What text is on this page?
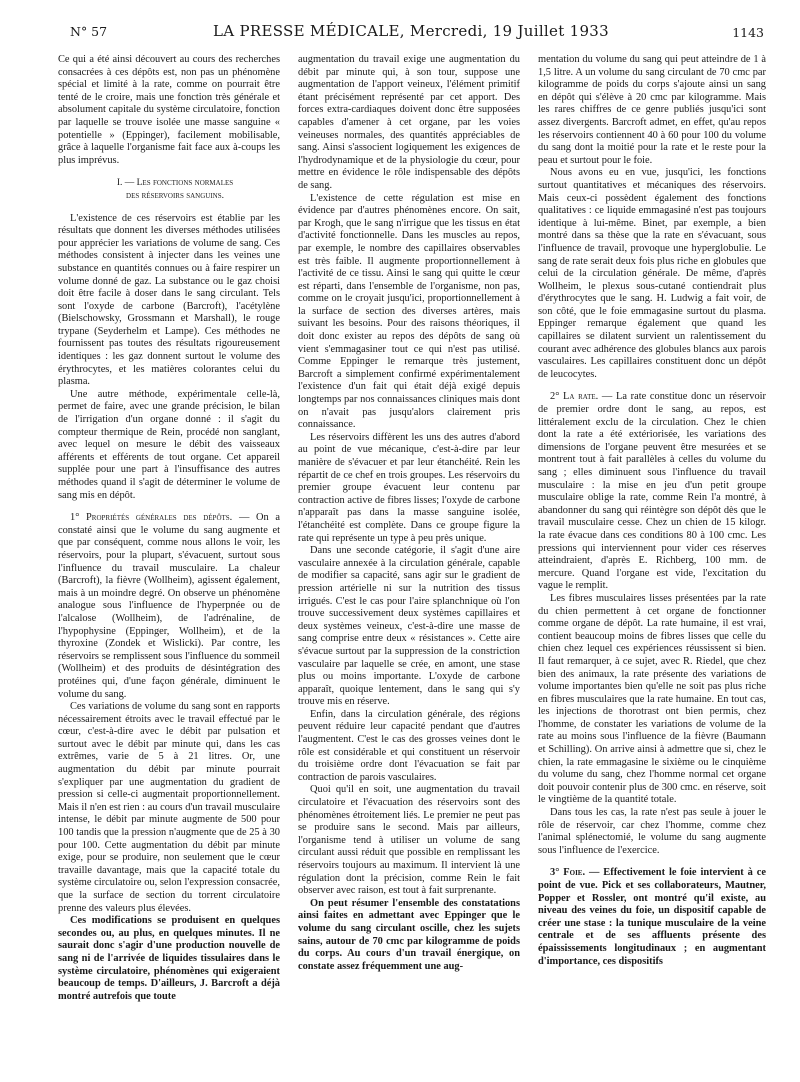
N° 57	LA PRESSE MÉDICALE, Mercredi, 19 Juillet 1933	1143

Ce qui a été ainsi découvert au cours des recherches consacrées à ces dépôts est, non pas un phénomène spécial et limité à la rate, comme on pourrait être tenté de le croire, mais une fonction très générale et absolument capitale du système circulatoire, fonction par laquelle se trouve isolée une masse sanguine « potentielle » (Eppinger), facilement mobilisable, grâce à laquelle l'organisme fait face aux à-coups les plus imprévus.

I. — Les fonctions normales

des réservoirs sanguins.

L'existence de ces réservoirs est établie par les résultats que donnent les diverses méthodes utilisées pour apprécier les variations de volume de sang. Ces méthodes consistent à injecter dans les veines une substance en quantités connues ou à faire respirer un volume donné de gaz. La substance ou le gaz choisi doit être facile à doser dans le sang circulant. Tels sont l'oxyde de carbone (Barcroft), l'acétylène (Bielschowsky, Grossmann et Marshall), le rouge trypane (Seyderhelm et Lampe). Ces méthodes ne fournissent pas toutes des résultats rigoureusement identiques : les gaz donnent surtout le volume des érythrocytes, et les matières colorantes celui du plasma.

Une autre méthode, expérimentale celle-là, permet de faire, avec une grande précision, le bilan de l'irrigation d'un organe donné : il s'agit du compteur thermique de Rein, procédé non sanglant, avec lequel on mesure le débit des vaisseaux afférents et efférents de tout organe. Cet appareil supplée pour une part à l'insuffisance des autres méthodes quand il s'agit de déterminer le volume de sang mis en dépôt.

1° Propriétés générales des dépôts. — On a constaté ainsi que le volume du sang augmente et que par conséquent, comme nous allons le voir, les réservoirs, pour la plupart, s'évacuent, surtout sous l'influence du travail musculaire. La chaleur (Barcroft), la fièvre (Wollheim), agissent également, mais à un moindre degré. On observe un phénomène analogue sous l'influence de l'hyperpnée ou de l'alcalose (Wollheim), de l'adrénaline, de l'hypophysine (Eppinger, Wollheim), et de la thyroxine (Zondek et Wislicki). Par contre, les réservoirs se remplissent sous l'influence du sommeil (Wollheim) et des produits de désintégration des protéines qui, d'une façon générale, diminuent le volume du sang.

Ces variations de volume du sang sont en rapports nécessairement étroits avec le travail effectué par le cœur, c'est-à-dire avec le débit par pulsation et surtout avec le débit par minute qui, dans les cas extrêmes, varie de 5 à 21 litres. Or, une augmentation du débit par minute pourrait s'expliquer par une augmentation du gradient de pression si celle-ci augmentait proportionnellement. Mais il n'en est rien : au cours d'un travail musculaire intense, le débit par minute augmente de 500 pour 100 tandis que la pression n'augmente que de 25 à 30 pour 100. Cette augmentation du débit par minute exige, pour se produire, non seulement que le cœur travaille davantage, mais que la capacité totale du système circulatoire ou, selon l'expression consacrée, que la surface de section du torrent circulatoire prenne des valeurs plus élevées.

Ces modifications se produisent en quelques secondes ou, au plus, en quelques minutes. Il ne saurait donc s'agir d'une production nouvelle de sang ni de l'arrivée de liquides tissulaires dans le système circulatoire, phénomènes qui exigeraient beaucoup de temps. D'ailleurs, J. Barcroft a déjà montré autrefois que toute

augmentation du travail exige une augmentation du débit par minute qui, à son tour, suppose une augmentation de l'apport veineux, l'élément primitif étant précisément représenté par cet apport. Des forces extra-cardiaques doivent donc être supposées capables d'amener à cet organe, par les voies veineuses normales, des quantités appréciables de sang. Ainsi s'associent logiquement les exigences de l'hydrodynamique et de la physiologie du cœur, pour mettre en évidence le rôle indispensable des dépôts de sang.

L'existence de cette régulation est mise en évidence par d'autres phénomènes encore. On sait, par Krogh, que le sang n'irrigue que les tissus en état d'activité fonctionnelle. Dans les muscles au repos, par exemple, le nombre des capillaires observables est très faible. Il augmente proportionnellement à l'activité de ce tissu. Ainsi le sang qui quitte le cœur est réparti, dans l'ensemble de l'organisme, non pas, comme on le croyait jusqu'ici, proportionnellement à la surface de section des diverses artères, mais suivant les besoins. Pour des raisons théoriques, il doit donc exister au repos des dépôts de sang où vient s'emmagasiner tout ce qui n'est pas utilisé. Comme Eppinger le remarque très justement, Barcroft a simplement confirmé expérimentalement l'existence d'un fait qui était déjà exigé depuis longtemps par nos connaissances cliniques mais dont on n'avait pas jusqu'alors clairement pris connaissance.

Les réservoirs diffèrent les uns des autres d'abord au point de vue mécanique, c'est-à-dire par leur manière de s'évacuer et par leur étanchéité. Rein les répartit de ce chef en trois groupes. Les réservoirs du premier groupe évacuent leur contenu par contraction active de fibres lisses; l'oxyde de carbone n'apparaît pas dans la masse sanguine isolée, l'étanchéité est complète. Dans ce groupe figure la rate qui représente un type à peu près unique.

Dans une seconde catégorie, il s'agit d'une aire vasculaire annexée à la circulation générale, capable de modifier sa capacité, sans agir sur le gradient de pression artérielle ni sur la nutrition des tissus irrigués. C'est le cas pour l'aire splanchnique où l'on trouve successivement deux systèmes capillaires et deux systèmes veineux, c'est-à-dire une masse de sang comprise entre deux « résistances ». Cette aire s'évacue surtout par la suppression de la constriction vasculaire par laquelle se crée, en amont, une stase plus ou moins importante. L'oxyde de carbone apparaît, quoique lentement, dans le sang qui s'y trouve mis en réserve.

Enfin, dans la circulation générale, des régions peuvent réduire leur capacité pendant que d'autres l'augmentent. C'est le cas des grosses veines dont le rôle est considérable et qui constituent un réservoir du troisième ordre dont l'évacuation se fait par contraction de parois vasculaires.

Quoi qu'il en soit, une augmentation du travail circulatoire et l'évacuation des réservoirs sont des phénomènes étroitement liés. Le premier ne peut pas se produire sans le second. Mais par ailleurs, l'organisme tend à utiliser un volume de sang circulant aussi réduit que possible en remplissant les réservoirs toujours au maximum. Il intervient là une régulation dont la précision, comme Rein le fait observer avec raison, est tout à fait surprenante.

On peut résumer l'ensemble des constatations ainsi faites en admettant avec Eppinger que le volume du sang circulant oscille, chez les sujets sains, autour de 70 cmc par kilogramme de poids du corps. Au cours d'un travail énergique, on constate assez fréquemment une aug-

mentation du volume du sang qui peut atteindre de 1 à 1,5 litre. A un volume du sang circulant de 70 cmc par kilogramme de poids du corps s'ajoute ainsi un sang en dépôt qui s'élève à 20 cmc par kilogramme. Mais les rares chiffres de ce genre publiés jusqu'ici sont assez divergents. Barcroft admet, en effet, qu'au repos les réservoirs contiennent 40 à 60 pour 100 du volume du sang dont la moitié pour la rate et le reste pour la peau et surtout pour le foie.

Nous avons eu en vue, jusqu'ici, les fonctions surtout quantitatives et mécaniques des réservoirs. Mais ceux-ci possèdent également des fonctions qualitatives : ce liquide emmagasiné n'est pas toujours identique à lui-même. Binet, par exemple, a bien montré dans sa thèse que la rate en s'évacuant, sous l'influence de travail, provoque une hyperglobulie. Le sang de rate serait deux fois plus riche en globules que celui de la circulation générale. De même, d'après Wollheim, le plexus sous-cutané contiendrait plus d'érythrocytes que le sang. H. Ludwig a fait voir, de son côté, que le foie emmagasine surtout du plasma. Eppinger remarque également que quand les capillaires se dilatent survient un ralentissement du courant avec adhérence des globules blancs aux parois vasculaires. Les capillaires constituent donc un dépôt de leucocytes.

2° La rate. — La rate constitue donc un réservoir de premier ordre dont le sang, au repos, est littéralement exclu de la circulation. Chez le chien dont la rate a été extériorisée, les variations des dimensions de l'organe peuvent être mesurées et se montrent tout à fait parallèles à celles du volume du sang ; elles diminuent sous l'influence du travail musculaire : la mise en jeu d'un petit groupe musculaire oblige la rate, comme Rein l'a montré, à abandonner du sang qui réintègre son dépôt dès que le travail musculaire cesse. Chez un chien de 15 kilogr. la rate évacue dans ces conditions 80 à 100 cmc. Les pressions qui interviennent pour vider ces réserves atteindraient, d'après E. Richberg, 100 mm. de mercure. Quand l'organe est vide, l'excitation du vague le remplit.

Les fibres musculaires lisses présentées par la rate du chien permettent à cet organe de fonctionner comme organe de dépôt. La rate humaine, il est vrai, contient beaucoup moins de fibres lisses que celle du chien chez lequel ces expériences réussissent si bien. Il faut remarquer, à ce sujet, avec R. Riedel, que chez bien des animaux, la rate présente des variations de volume importantes bien qu'elle ne soit pas plus riche en fibres musculaires que la rate humaine. En tout cas, les injections de thorotrast ont bien permis, chez l'homme, de constater les variations de volume de la rate au moins sous l'influence de la fièvre (Baumann et Schilling). On arrive ainsi à admettre que si, chez le chien, la rate emmagasine le sixième ou le cinquième du volume du sang, chez l'homme normal cet organe doit pouvoir contenir plus de 300 cmc. en réserve, soit le vingtième de la quantité totale.

Dans tous les cas, la rate n'est pas seule à jouer le rôle de réservoir, car chez l'homme, comme chez l'animal splénectomié, le volume du sang augmente sous l'influence de l'exercice.

3° Foie. — Effectivement le foie intervient à ce point de vue. Pick et ses collaborateurs, Mautner, Popper et Rossler, ont montré qu'il existe, au niveau des veines du foie, un dispositif capable de créer une stase : la tunique musculaire de la veine centrale et de ses affluents présente des épaississements longitudinaux ; en augmentant d'importance, ces dispositifs
